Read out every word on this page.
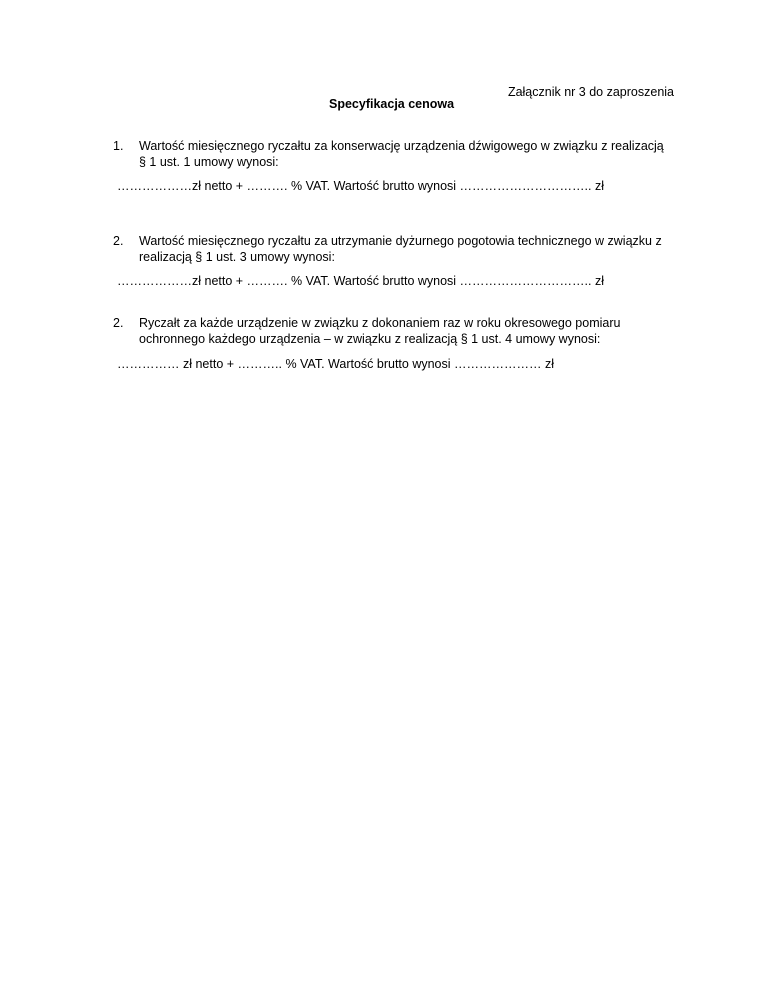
Załącznik nr 3 do zaproszenia
Specyfikacja cenowa
1. Wartość miesięcznego ryczałtu za konserwację urządzenia dźwigowego w związku z realizacją § 1 ust. 1 umowy wynosi:
………………zł netto + ………. % VAT. Wartość brutto wynosi ………………………….. zł
2. Wartość miesięcznego ryczałtu za utrzymanie dyżurnego pogotowia technicznego w związku z realizacją § 1 ust. 3 umowy wynosi:
………………zł netto + ………. % VAT. Wartość brutto wynosi ………………………….. zł
2. Ryczałt za każde urządzenie w związku z dokonaniem raz w roku okresowego pomiaru ochronnego każdego urządzenia – w związku z realizacją § 1 ust. 4 umowy wynosi:
…………… zł netto + ……….. % VAT. Wartość brutto wynosi ………………… zł
